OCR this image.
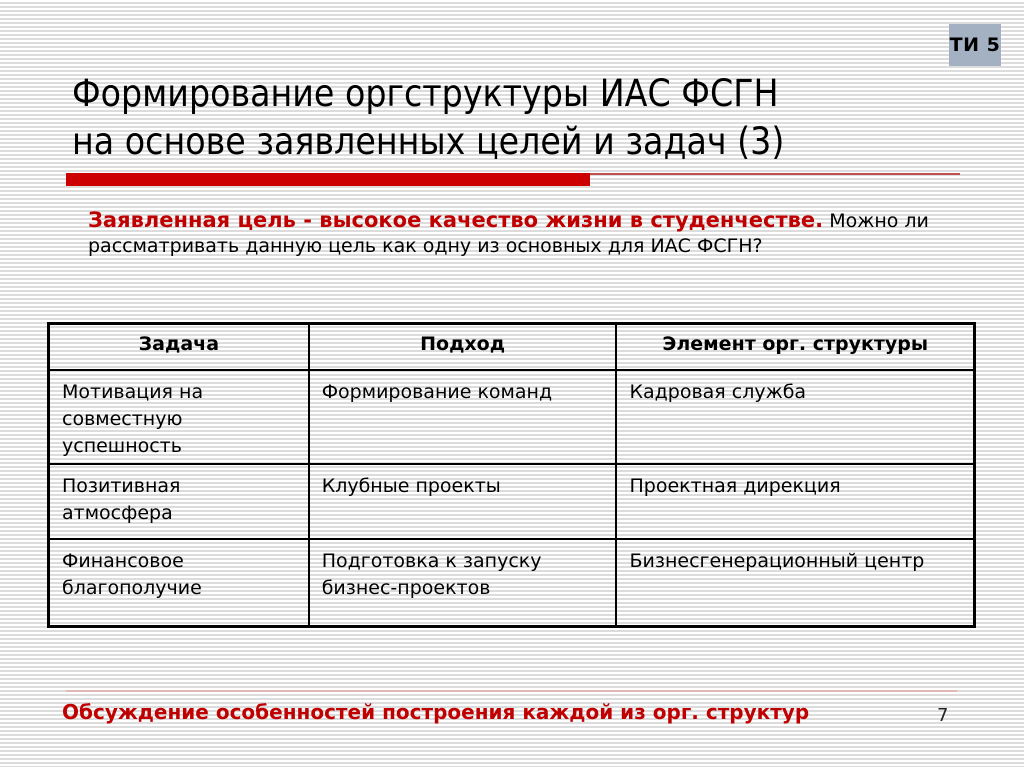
ТИ 5
Формирование оргструктуры ИАС ФСГН
на основе заявленных целей и задач (3)
Заявленная цель - высокое качество жизни в студенчестве. Можно ли рассматривать данную цель как одну из основных для ИАС ФСГН?
Задача	Подход	Элемент орг. структуры
Мотивация на совместную успешность	Формирование команд	Кадровая служба
Позитивная атмосфера	Клубные проекты	Проектная дирекция
Финансовое благополучие	Подготовка к запуску бизнес-проектов	Бизнесгенерационный центр
Обсуждение особенностей построения каждой из орг. структур	7
